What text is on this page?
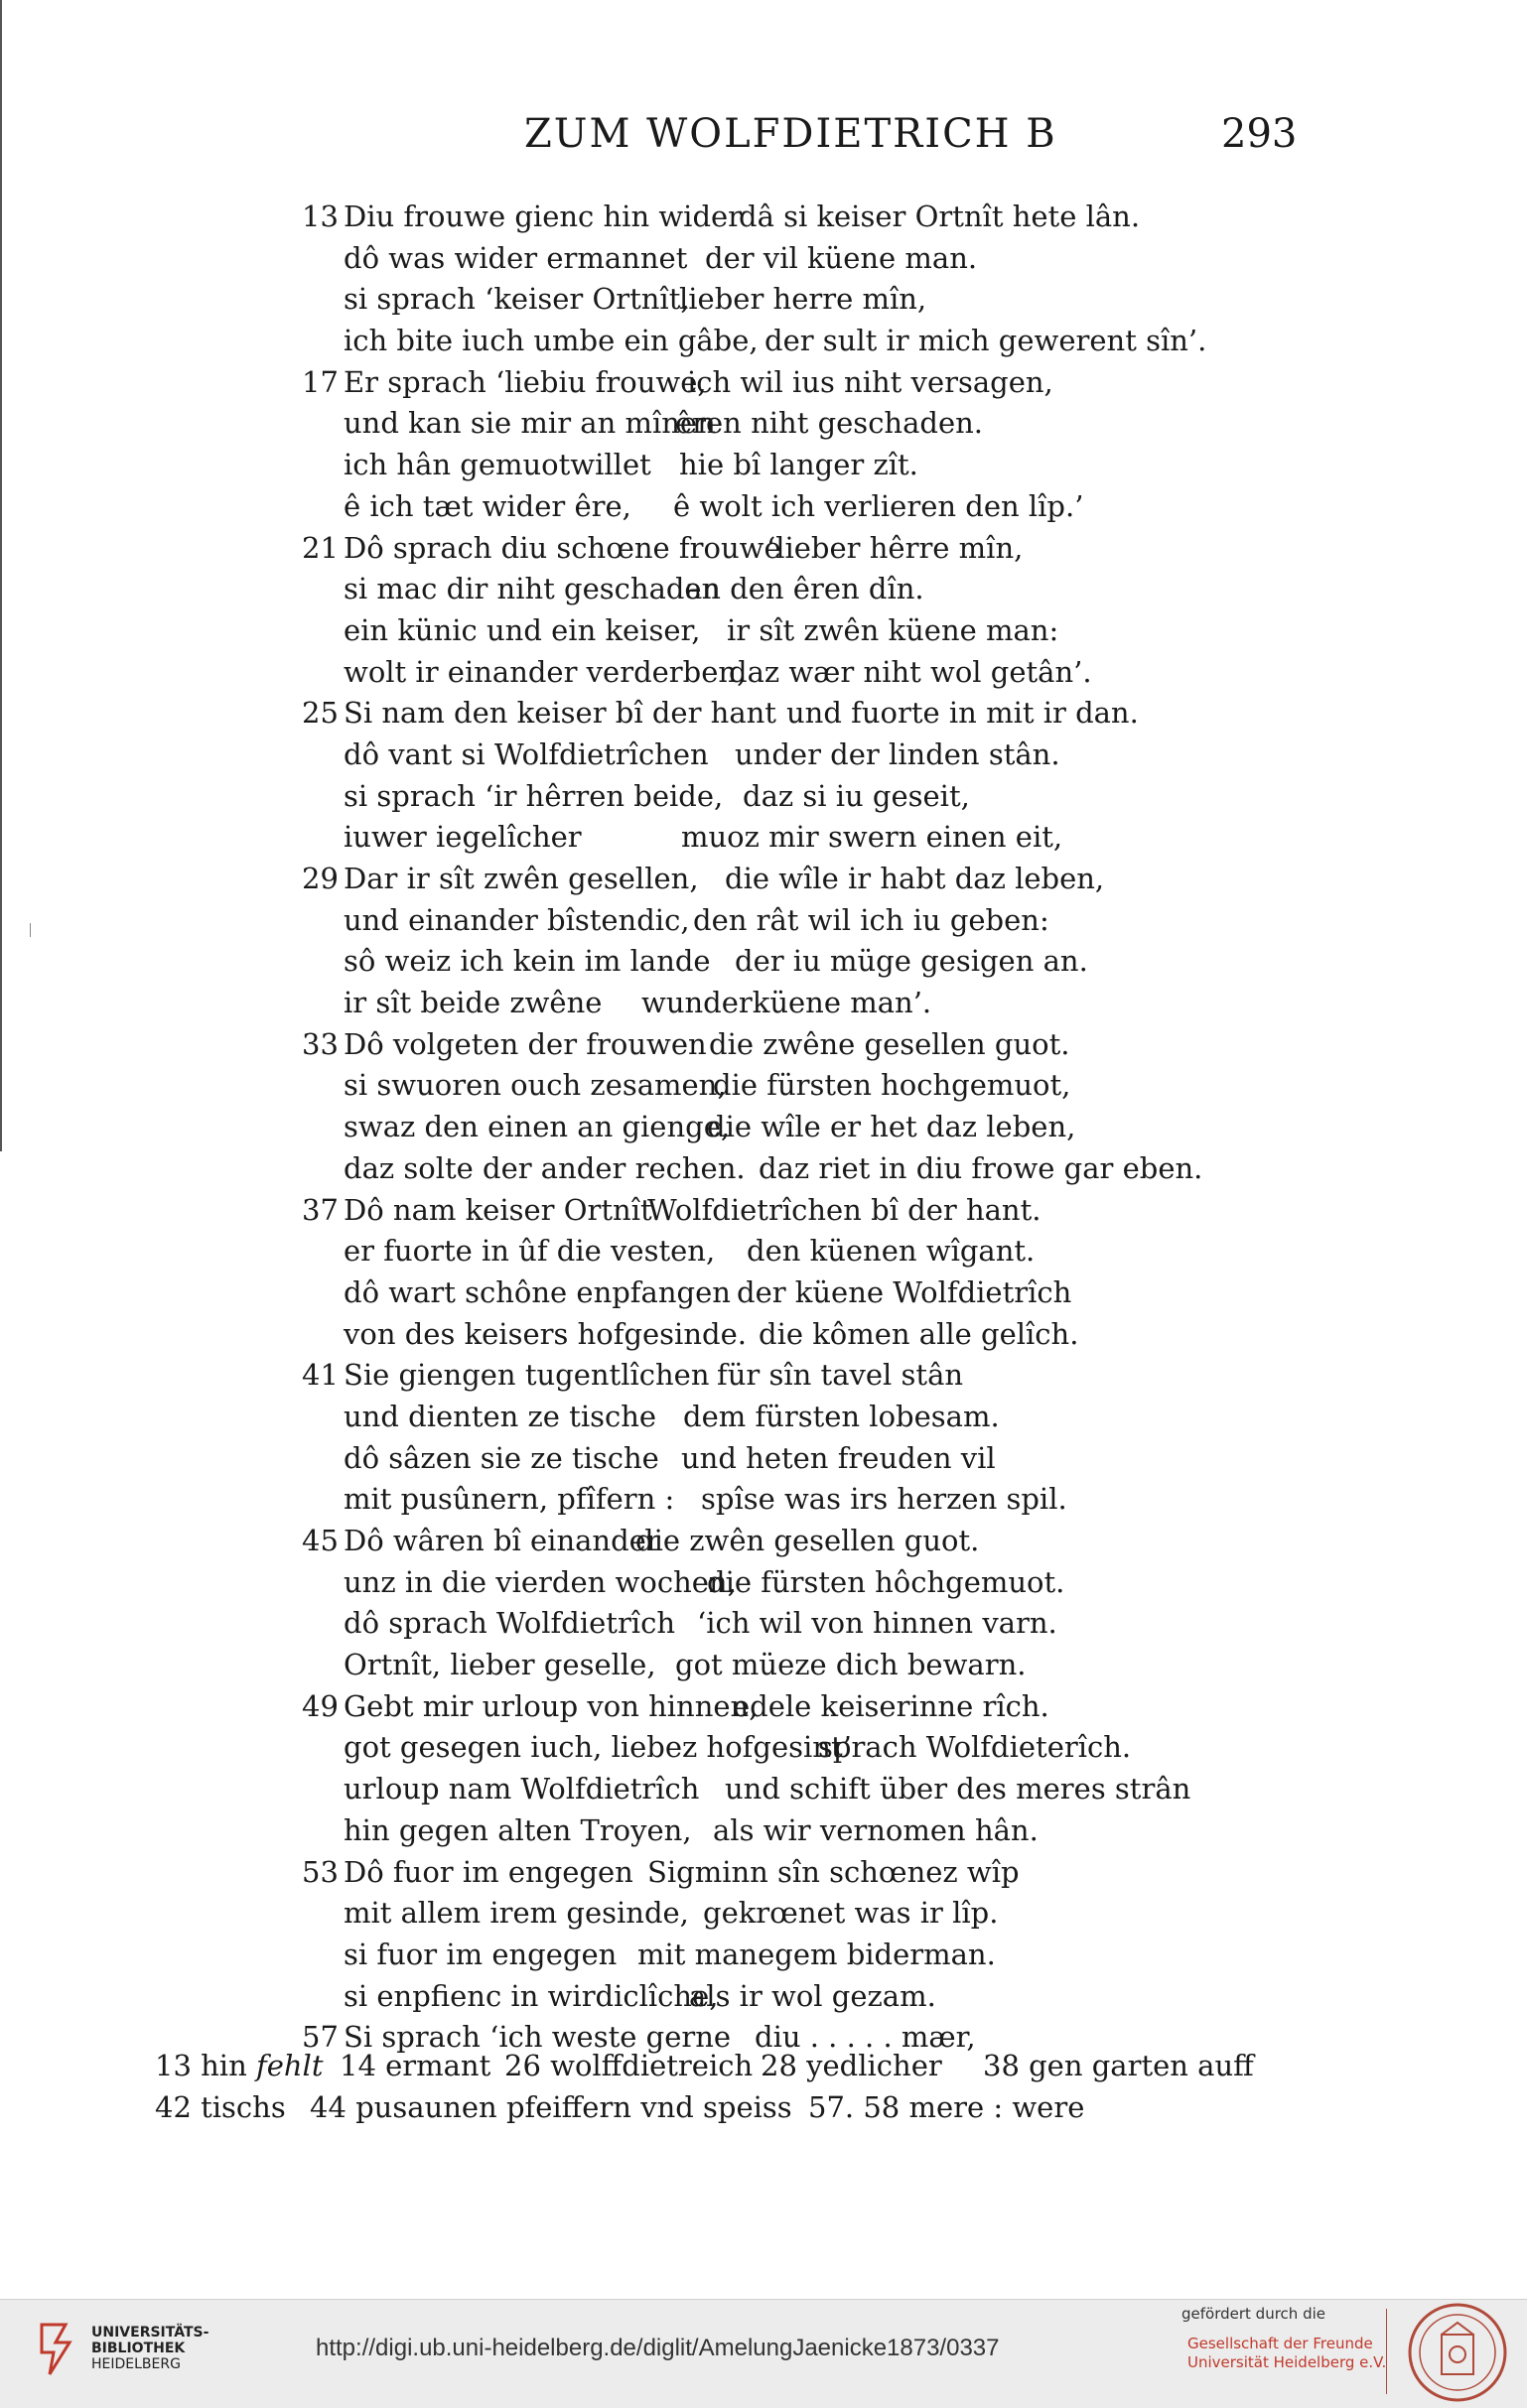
ZUM WOLFDIETRICH B	293
13 Diu frouwe gienc hin wider
dâ si keiser Ortnît hete lân.
dô was wider ermannet der vil küene man.
si sprach ‘keiser Ortnît,
lieber herre mîn,
ich bite iuch umbe ein gâbe, der sult ir mich gewerent sîn’.
17 Er sprach ‘liebiu frouwe,
ich wil ius niht versagen,
und kan sie mir an mînen
êren niht geschaden.
ich hân gemuotwillet hie bî langer zît.
ê ich tæt wider êre, ê wolt ich verlieren den lîp.’
21 Dô sprach diu schœne frouwe
‘lieber hêrre mîn,
si mac dir niht geschaden
an den êren dîn.
ein künic und ein keiser, ir sît zwên küene man:
wolt ir einander verderben,
daz wær niht wol getân’.
25 Si nam den keiser bî der hant und fuorte in mit ir dan.
dô vant si Wolfdietrîchen under der linden stân.
si sprach ‘ir hêrren beide, daz si iu geseit,
iuwer iegelîcher	muoz mir swern einen eit,
29 Dar ir sît zwên gesellen, die wîle ir habt daz leben,
und einander bîstendic, den rât wil ich iu geben:
sô weiz ich kein im lande der iu müge gesigen an.
ir sît beide zwêne wunderküene man’.
33 Dô volgeten der frouwen die zwêne gesellen guot.
si swuoren ouch zesamen,
die fürsten hochgemuot,
swaz den einen an gienge,
die wîle er het daz leben,
daz solte der ander rechen. daz riet in diu frowe gar eben.
37 Dô nam keiser Ortnît
Wolfdietrîchen bî der hant.
er fuorte in ûf die vesten, den küenen wîgant.
dô wart schône enpfangen der küene Wolfdietrîch
von des keisers hofgesinde. die kômen alle gelîch.
41 Sie giengen tugentlîchen für sîn tavel stân
und dienten ze tische dem fürsten lobesam.
dô sâzen sie ze tische und heten freuden vil
mit pusûnern, pfîfern : spîse was irs herzen spil.
45 Dô wâren bî einander
die zwên gesellen guot.
unz in die vierden wochen,
die fürsten hôchgemuot.
dô sprach Wolfdietrîch ‘ich wil von hinnen varn.
Ortnît, lieber geselle, got müeze dich bewarn.
49 Gebt mir urloup von hinnen,
edele keiserinne rîch.
got gesegen iuch, liebez hofgesint’
sprach Wolfdieterîch.
urloup nam Wolfdietrîch und schift über des meres strân
hin gegen alten Troyen, als wir vernomen hân.
53 Dô fuor im engegen Sigminn sîn schœnez wîp
mit allem irem gesinde, gekrœnet was ir lîp.
si fuor im engegen mit manegem biderman.
si enpfienc in wirdiclîche,
als ir wol gezam.
57 Si sprach ‘ich weste gerne diu . . . . . mær,
13 hin fehlt 14 ermant 26 wolffdietreich 28 yedlicher 38 gen garten auff
42 tischs 44 pusaunen pfeiffern vnd speiss 57. 58 mere : were
UNIVERSITÄTS-
BIBLIOTHEK
HEIDELBERG
http://digi.ub.uni-heidelberg.de/diglit/AmelungJaenicke1873/0337
gefördert durch die
Gesellschaft der Freunde
Universität Heidelberg e.V.
